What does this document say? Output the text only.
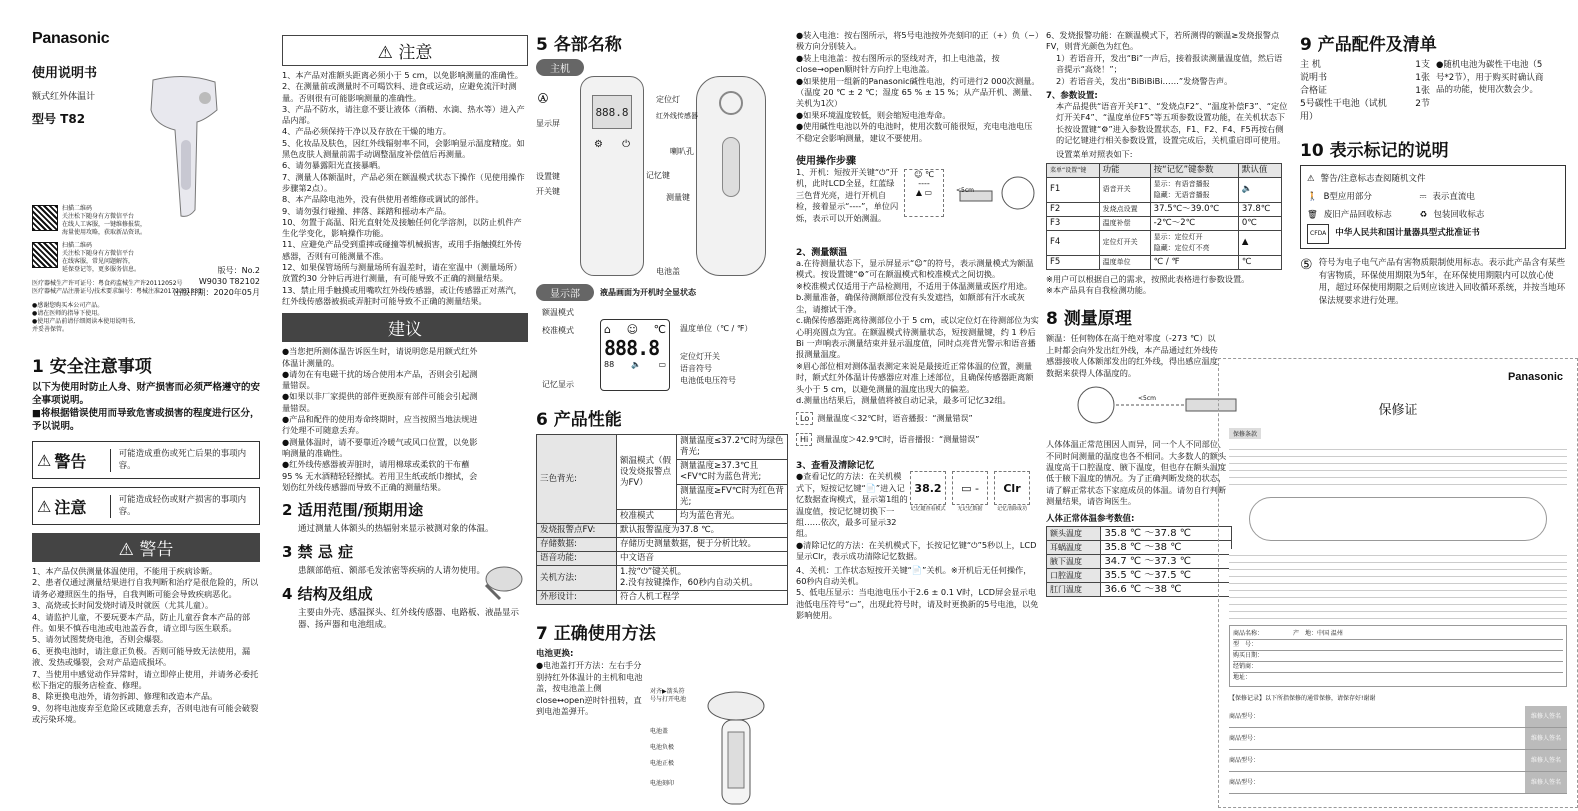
Panasonic
使用说明书
额式红外体温计
型号 T82
扫描二维码
关注松下随身有方微信平台
在线人工客服，一键维修报装，
海量使用攻略，获取新品资讯。
扫描二维码
关注松下随身有方微信平台
在线客服，常见问题解答，
延保登记等，更多服务信息。
医疗器械生产许可证号：粤食药监械生产许20112052号
医疗器械产品注册证号/技术要求编号：粤械注准20172201331
●感谢您购买本公司产品。
●请在医师的指导下使用。
●使用产品前请仔细阅读本使用说明书,
并妥善保管。
版号：No.2
W9030 T82102
出版日期：2020年05月
1 安全注意事项
以下为使用时防止人身、财产损害而必须严格遵守的安全事项说明。
■将根据错误使用而导致危害或损害的程度进行区分，予以说明。
⚠ 警告	可能造成重伤或死亡后果的事项内容。
⚠ 注意	可能造成轻伤或财产损害的事项内容。
⚠ 警告
1、本产品仅供测量体温使用，不能用于疾病诊断。
2、患者仅通过测量结果进行自我判断和治疗是很危险的，所以请务必遵照医生的指导，自我判断可能会导致疾病恶化。
3、高烧或长时间发烧时请及时就医（尤其儿童）。
4、请监护儿童，不要玩要本产品，防止儿童吞食本产品的部件。如果不慎吞电池或电池盖吞食，请立即与医生联系。
5、请勿试图焚烧电池，否则会爆裂。
6、更换电池时，请注意正负极。否则可能导致无法使用，漏液、发热或爆裂，会对产品造成损坏。
7、当使用中感觉动作异常时，请立即停止使用，并请务必委托松下指定的服务店检查、修理。
8、除更换电池外，请勿拆卸、修理和改造本产品。
9、勿将电池废弃至危险区或随意丢弃，否则电池有可能会破裂或污染环境。
⚠ 注意
1、本产品对准额头距离必须小于 5 cm，以免影响测量的准确性。
2、在测量前或测量时不可喝饮料、进食或运动，应避免流汗时测量。否则很有可能影响测量的准确性。
3、产品不防水，请注意不要让液体（酒精、水滴、热水等）进入产品内部。
4、产品必须保持干净以及存放在干燥的地方。
5、化妆品及肤色，因红外线辐射率不同，会影响显示温度精度。如黑色皮肤人测量前需手动调整温度补偿值后再测量。
6、请勿暴露阳光直接暴晒。
7、测量人体额温时，产品必须在额温模式状态下操作（见使用操作步骤第2点）。
8、本产品除电池外，没有供使用者维修或调试的部件。
9、请勿强行碰撞、摔落、踩踏和摇动本产品。
10、勿置于高温、阳光直射处及接触任何化学溶剂，以防止机件产生化学变化，影响操作功能。
11、应避免产品受到重摔或碰撞等机械损害，或用手指触摸红外传感器，否则有可能测量不准。
12、如果保管场所与测量场所有温差时，请在室温中（测量场所）放置约30 分钟后再进行测量，有可能导致不正确的测量结果。
13、禁止用手触摸或用嘴吹红外线传感器，或让传感器正对蒸汽，红外线传感器被损或弄脏时可能导致不正确的测量结果。
建议
●当您把所测体温告诉医生时，请说明您是用额式红外体温计测量的。
●请勿在有电磁干扰的场合使用本产品，否则会引起测量错误。
●如果以非厂家提供的部件更换原有部件可能会引起测量错误。
●产品和配件的使用寿命终期时，应当按照当地法规进行处理不可随意丢弃。
●测量体温时，请不要靠近冷暖气或风口位置，以免影响测量的准确性。
●红外线传感器被弄脏时，请用棉球或柔软的干布蘸 95 % 无水酒精轻轻擦拭。若用卫生纸或纸巾擦拭，会划伤红外线传感器而导致不正确的测量结果。
2 适用范围/预期用途
通过测量人体额头的热辐射来显示被测对象的体温。
3 禁 忌 症
患额部皓疽、额部毛发浓密等疾病的人请勿使用。
4 结构及组成
主要由外壳、感温探头、红外线传感器、电路板、液晶显示器、扬声器和电池组成。
5 各部名称
主机
Ⓐ
显示屏
设置键
开关键
888.8
⚙ ⏻
定位灯
红外线传感器
喇叭孔
记忆键
测量键
电池盖
显示部	液晶画面为开机时全显状态
额温模式
校准模式
记忆显示
⌂ ☺ ℃
888.8
88 🔈 ▭
温度单位（℃ / ℉）
定位灯开关
语音符号
电池低电压符号
6 产品性能
三色背光:	额温模式（假设发烧报警点为FV）	测量温度≤37.2℃时为绿色背光;
		测量温度≥37.3℃且<FV℃时为蓝色背光;
		测量温度≥FV℃时为红色背光;
	校准模式	均为蓝色背光。
发烧报警点FV:	默认报警温度为37.8 ℃。	
存储数据:	存储历史测量数据，便于分析比较。	
语音功能:	中文语音	
关机方法:	1.按“⏻”键关机。
2.没有按键操作，60秒内自动关机。	
外形设计:	符合人机工程学	
7 正确使用方法
电池更换:
●电池盖打开方法：左右手分别持红外体温计的主机和电池盖，按电池盖上侧close↔open逆时针扭转，直到电池盖弹开。
对齐▶箭头符号与打开电池
电池盖
电池负极
电池正极
电池刻印
●装入电池：按右图所示，将5号电池按外壳刻印的正（+）负（−）极方向分别装入。
●装上电池盖：按右图所示的竖线对齐，扣上电池盖，按close→open顺时针方向拧上电池盖。
●如果使用一组新的Panasonic碱性电池，约可进行2 000次测量。
（温度 20 ℃ ± 2 ℃；湿度 65 % ± 15 %；从产品开机、测量、关机为1次）
●如果环境温度较低，则会缩短电池寿命。
●使用碱性电池以外的电池时，使用次数可能很短，充电电池电压不稳定会影响测量，建议不要使用。
使用操作步骤
1、开机：短按开关键“⏻”开机，此时LCD全显，红蓝绿三色背光亮，进行开机自检，接着显示“----”，单位闪烁，表示可以开始测温。
☺ ℃
----
▲ ▭	<5cm
2、测量额温
a.在待测量状态下，显示屏显示“☺”的符号，表示测量模式为额温模式。按设置键“⚙”可在额温模式和校准模式之间切换。
※校准模式仅适用于产品检测用，不适用于体温测量或医疗用途。
b.测量准备，确保待测额部位没有头发遮挡，如额部有汗水或灰尘，请擦试干净。
c.确保传感器距离待测部位小于 5 cm，或以定位灯在待测部位为实心明亮圆点为宜。在额温模式待测量状态，短按测量键，约 1 秒后 Bi 一声响表示测量结束并显示温度值，同时点亮背光警示和语音播报测量温度。
※眉心部位相对测体温表测定来说是最接近正常体温的位置，测量时，额式红外体温计传感器应对准上述部位，且确保传感器距离额头小于 5 cm，以避免测量的温度出现大的偏差。
d.测量出结果后，测量值将被自动记录，最多可记忆32组。
Lo	测量温度＜32℃时，语音播报：“测量错误”
Hi	测量温度＞42.9℃时，语音播报：“测量错误”
3、查看及清除记忆
●查看记忆的方法：在关机模式下，短按记忆键“📄”进入记忆数据查询模式，显示第1组的温度值，按记忆键切换下一组……依次，最多可显示32组。
38.2
记忆键查看模式
▭ -
无记忆数据
Clr
记忆清除成功
●清除记忆的方法：在关机模式下，长按记忆键“⏻”5秒以上，LCD显示Clr，表示成功清除记忆数据。
4、关机：工作状态短按开关键“📄”关机。※开机后无任何操作，60秒内自动关机。
5、低电压显示：当电池电压小于2.6 ± 0.1 V时，LCD屏会显示电池低电压符号“▭”，出现此符号时，请及时更换新的5号电池，以免影响使用。
6、发烧报警功能：在额温模式下，若所测得的额温≥发烧报警点FV，则背光颜色为红色。
1）若语音开，发出“Bi”一声后，接着报读测量温度值，然后语音提示“高烧！”；
2）若语音关，发出“BiBiBiBi……”发烧警告声。
7、参数设置:
本产品提供“语音开关F1”、“发烧点F2”、“温度补偿F3”、“定位灯开关F4”、“温度单位F5”等五项参数设置功能，在关机状态下长按设置键“⚙”进入参数设置状态，F1、F2、F4、F5再按右侧的记忆键进行相关参数设置，设置完成后，关机重启即可使用。
设置菜单对照表如下:
菜单“设置”键	功能	按“记忆”键参数	默认值
F1	语音开关	显示：有语音播报
隐藏：无语音播报	🔈
F2	发烧点设置	37.5℃～39.0℃	37.8℃
F3	温度补偿	-2℃～2℃	0℃
F4	定位灯开关	显示：定位灯开
隐藏：定位灯不亮	▲
F5	温度单位	℃ / ℉	℃
※用户可以根据自己的需求，按照此表格进行参数设置。
※本产品具有自我检测功能。
8 测量原理
额温：任何物体在高于绝对零度（-273 ℃）以上时都会向外发出红外线，本产品通过红外线传感器接收人体额部发出的红外线，得出感应温度数据来获得人体温度的。
<5cm
人体体温正常范围因人而异，同一个人不同部位、不同时间测量的温度也各不相同。大多数人的额头温度高于口腔温度、腋下温度，但也存在额头温度低于腋下温度的情况。为了正确判断发烧的状态，请了解正常状态下家庭成员的体温。请勿自行判断测量结果，请咨询医生。
人体正常体温参考数值:
额头温度	35.8 ℃ ～37.8 ℃
耳蜗温度	35.8 ℃ ～38 ℃
腋下温度	34.7 ℃ ～37.3 ℃
口腔温度	35.5 ℃ ～37.5 ℃
肛门温度	36.6 ℃ ～38 ℃
9 产品配件及清单
主 机	1支
说明书	1张
合格证	1张
5号碳性干电池（试机用）
2节
●随机电池为碳性干电池（5号*2节），用于购买时确认商品的功能，使用次数会少。
10 表示标记的说明
⚠ 警告/注意标志查阅随机文件
🚶 B型应用部分	⎓ 表示直流电
🗑 废旧产品回收标志	♻ 包装回收标志
CFDA	中华人民共和国计量器具型式批准证书
⑤ 符号为电子电气产品有害物质限制使用标志。表示此产品含有某些有害物质，环保使用期限为5年，在环保使用期限内可以放心使用，超过环保使用期限之后则应该进入回收循环系统，并按当地环保法规要求进行处理。
Panasonic
保修证
保修条款
商品名称：	产　地：中国 温州
型　号：
购买日期：
经销商：
地址：
【保修记录】以下所指保修的通常保修，请保存好!谢谢
商品型号：	维修人签名
商品型号：	维修人签名
商品型号：	维修人签名
商品型号：	维修人签名
